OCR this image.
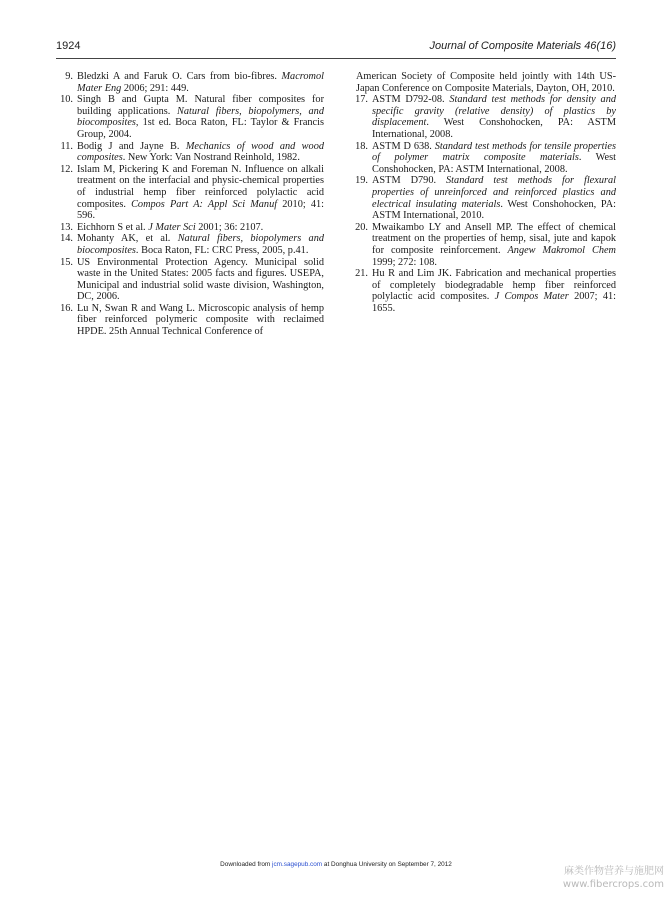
1924	Journal of Composite Materials 46(16)

9. Bledzki A and Faruk O. Cars from bio-fibres. Macromol Mater Eng 2006; 291: 449.

10. Singh B and Gupta M. Natural fiber composites for building applications. Natural fibers, biopolymers, and biocomposites, 1st ed. Boca Raton, FL: Taylor & Francis Group, 2004.

11. Bodig J and Jayne B. Mechanics of wood and wood composites. New York: Van Nostrand Reinhold, 1982.

12. Islam M, Pickering K and Foreman N. Influence on alkali treatment on the interfacial and physic-chemical properties of industrial hemp fiber reinforced polylactic acid composites. Compos Part A: Appl Sci Manuf 2010; 41: 596.

13. Eichhorn S et al. J Mater Sci 2001; 36: 2107.

14. Mohanty AK, et al. Natural fibers, biopolymers and biocomposites. Boca Raton, FL: CRC Press, 2005, p.41.

15. US Environmental Protection Agency. Municipal solid waste in the United States: 2005 facts and figures. USEPA, Municipal and industrial solid waste division, Washington, DC, 2006.

16. Lu N, Swan R and Wang L. Microscopic analysis of hemp fiber reinforced polymeric composite with reclaimed HPDE. 25th Annual Technical Conference of

American Society of Composite held jointly with 14th US-Japan Conference on Composite Materials, Dayton, OH, 2010.

17. ASTM D792-08. Standard test methods for density and specific gravity (relative density) of plastics by displacement. West Conshohocken, PA: ASTM International, 2008.

18. ASTM D 638. Standard test methods for tensile properties of polymer matrix composite materials. West Conshohocken, PA: ASTM International, 2008.

19. ASTM D790. Standard test methods for flexural properties of unreinforced and reinforced plastics and electrical insulating materials. West Conshohocken, PA: ASTM International, 2010.

20. Mwaikambo LY and Ansell MP. The effect of chemical treatment on the properties of hemp, sisal, jute and kapok for composite reinforcement. Angew Makromol Chem 1999; 272: 108.

21. Hu R and Lim JK. Fabrication and mechanical properties of completely biodegradable hemp fiber reinforced polylactic acid composites. J Compos Mater 2007; 41: 1655.

Downloaded from jcm.sagepub.com at Donghua University on September 7, 2012
麻类作物营养与施肥网
www.fibercrops.com
